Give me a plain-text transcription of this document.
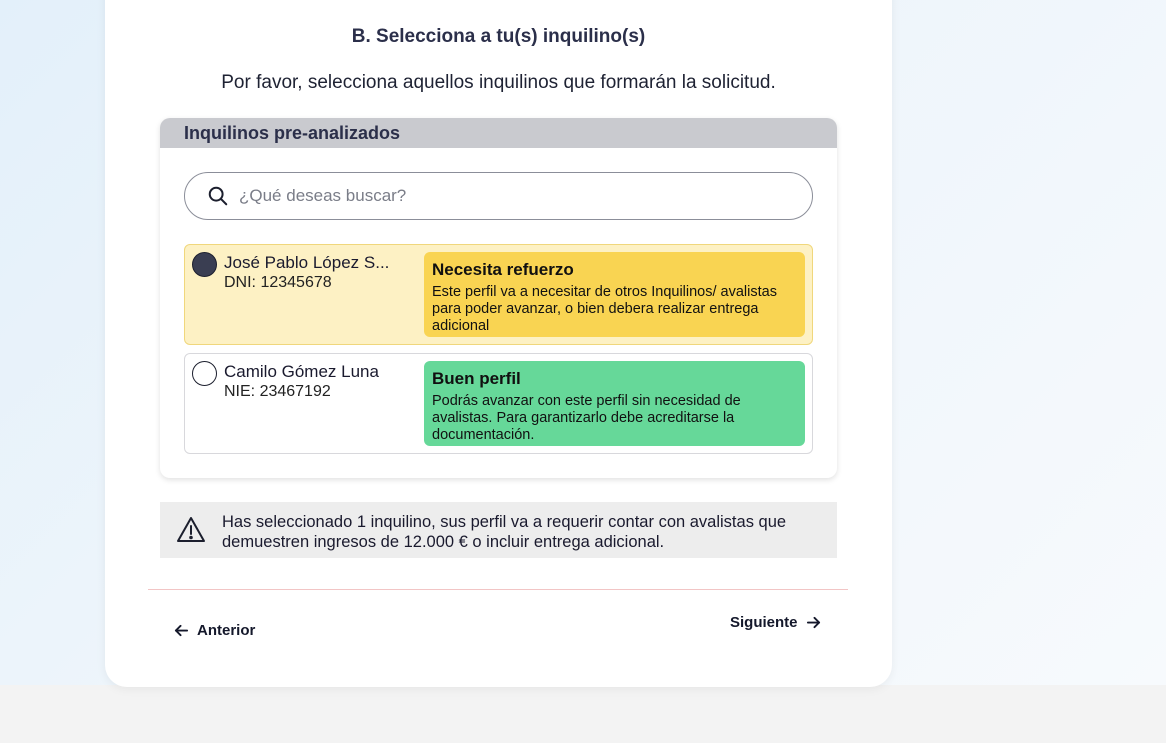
B. Selecciona a tu(s) inquilino(s)
Por favor, selecciona aquellos inquilinos que formarán la solicitud.
Inquilinos pre-analizados
¿Qué deseas buscar?
José Pablo López S...
DNI: 12345678
Necesita refuerzo
Este perfil va a necesitar de otros Inquilinos/ avalistas para poder avanzar, o bien debera realizar entrega adicional
Camilo Gómez Luna
NIE: 23467192
Buen perfil
Podrás avanzar con este perfil sin necesidad de avalistas. Para garantizarlo debe acreditarse la documentación.
Has seleccionado 1 inquilino, sus perfil va a requerir contar con avalistas que demuestren ingresos de 12.000 € o incluir entrega adicional.
Anterior	Siguiente
